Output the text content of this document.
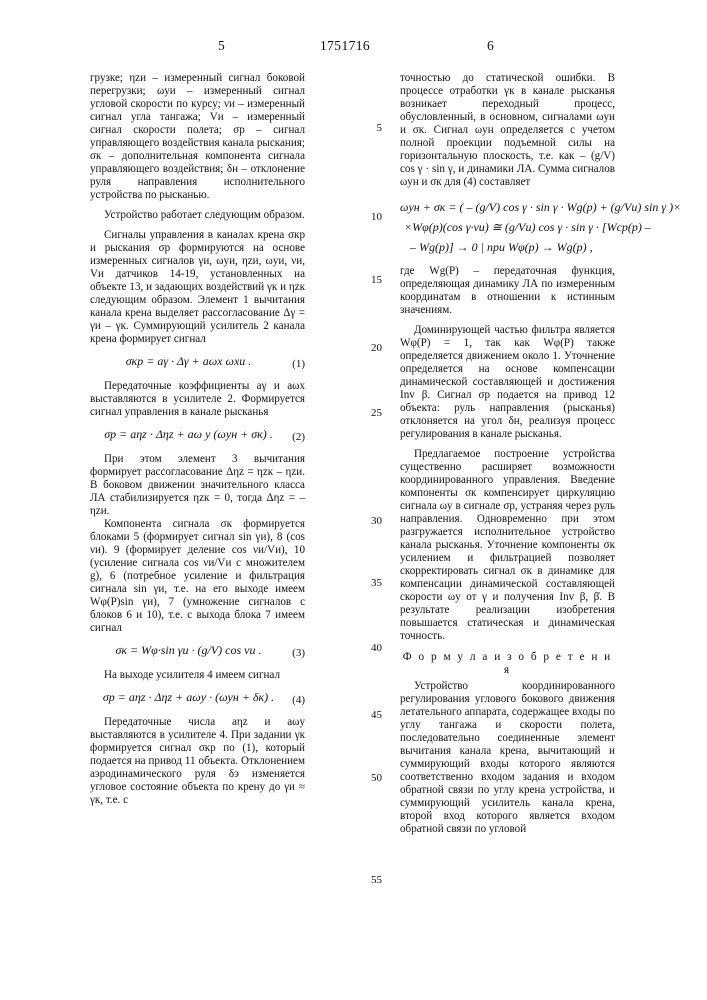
5	1751716	6
5
10
15
20
25
30
35
40
45
50
55

грузке; ηzи – измеренный сигнал боковой перегрузки; ωyи – измеренный сигнал угловой скорости по курсу; νи – измеренный сигнал угла тангажа; Vи – измеренный сигнал скорости полета; σp – сигнал управляющего воздействия канала рыскания; σк – дополнительная компонента сигнала управляющего воздействия; δн – отклонение руля направления исполнительного устройства по рысканью.

Устройство работает следующим образом.

Сигналы управления в каналах крена σкр и рыскания σp формируются на основе измеренных сигналов γи, ωyи, ηzи, ωyи, νи, Vи датчиков 14-19, установленных на объекте 13, и задающих воздействий γк и ηzк следующим образом. Элемент 1 вычитания канала крена выделяет рассогласование Δγ = γи – γк. Суммирующий усилитель 2 канала крена формирует сигнал

σкр = aγ · Δγ + aωx ωxи .	(1)

Передаточные коэффициенты aγ и aωx выставляются в усилителе 2. Формируется сигнал управления в канале рысканья

σp = aηz · Δηz + aω y (ωyн + σк) . (2)

При этом элемент 3 вычитания формирует рассогласование Δηz = ηzк – ηzи. В боковом движении значительного класса ЛА стабилизируется ηzк = 0, тогда Δηz = – ηzи.

Компонента сигнала σк формируется блоками 5 (формирует сигнал sin γи), 8 (cos νи). 9 (формирует деление cos νи/Vи), 10 (усиление сигнала cos νи/Vи с множителем g), 6 (потребное усиление и фильтрация сигнала sin γи, т.е. на его выходе имеем Wφ(P)sin γи), 7 (умножение сигналов с блоков 6 и 10), т.е. с выхода блока 7 имеем сигнал

σк = Wφ·sin γи · (g/V) cos νи .	(3)

На выходе усилителя 4 имеем сигнал

σp = aηz · Δηz + aωy · (ωyн + δк) . (4)

Передаточные числа aηz и aωy выставляются в усилителе 4. При задании γк формируется сигнал σкр по (1), который подается на привод 11 объекта. Отклонением аэродинамического руля δэ изменяется угловое состояние объекта по крену до γи ≈ γк, т.е. с

точностью до статической ошибки. В процессе отработки γк в канале рысканья возникает переходный процесс, обусловленный, в основном, сигналами ωyи и σк. Сигнал ωyн определяется с учетом полной проекции подъемной силы на горизонтальную плоскость, т.е. как – (g/V) cos γ · sin γ, и динамики ЛА. Сумма сигналов ωyн и σк для (4) составляет

ωyн + σк = ( – (g/V) cos γ · sin γ · Wg(p) + (g/Vи) sin γ )×
×Wφ(p)(cos γ·νи) ≅ (g/Vи) cos γ · sin γ · [Wcp(p) –
– Wg(p)] → 0 | при Wφ(p) → Wg(p) ,

где Wg(P) – передаточная функция, определяющая динамику ЛА по измеренным координатам в отношении к истинным значениям.

Доминирующей частью фильтра является Wφ(P) = 1, так как Wφ(P) также определяется движением около 1. Уточнение определяется на основе компенсации динамической составляющей и достижения Inv β. Сигнал σp подается на привод 12 объекта: руль направления (рысканья) отклоняется на угол δн, реализуя процесс регулирования в канале рысканья.

Предлагаемое построение устройства существенно расширяет возможности координированного управления. Введение компоненты σк компенсирует циркуляцию сигнала ωy в сигнале σp, устраняя через руль направления. Одновременно при этом разгружается исполнительное устройство канала рысканья. Уточнение компоненты σк усилением и фильтрацией позволяет скорректировать сигнал σк в динамике для компенсации динамической составляющей скорости ωy от γ и получения Inv β, β̇. В результате реализации изобретения повышается статическая и динамическая точность.

Ф о р м у л а и з о б р е т е н и я

Устройство координированного регулирования углового бокового движения летательного аппарата, содержащее входы по углу тангажа и скорости полета, последовательно соединенные элемент вычитания канала крена, вычитающий и суммирующий входы которого являются соответственно входом задания и входом обратной связи по углу крена устройства, и суммирующий усилитель канала крена, второй вход которого является входом обратной связи по угловой
